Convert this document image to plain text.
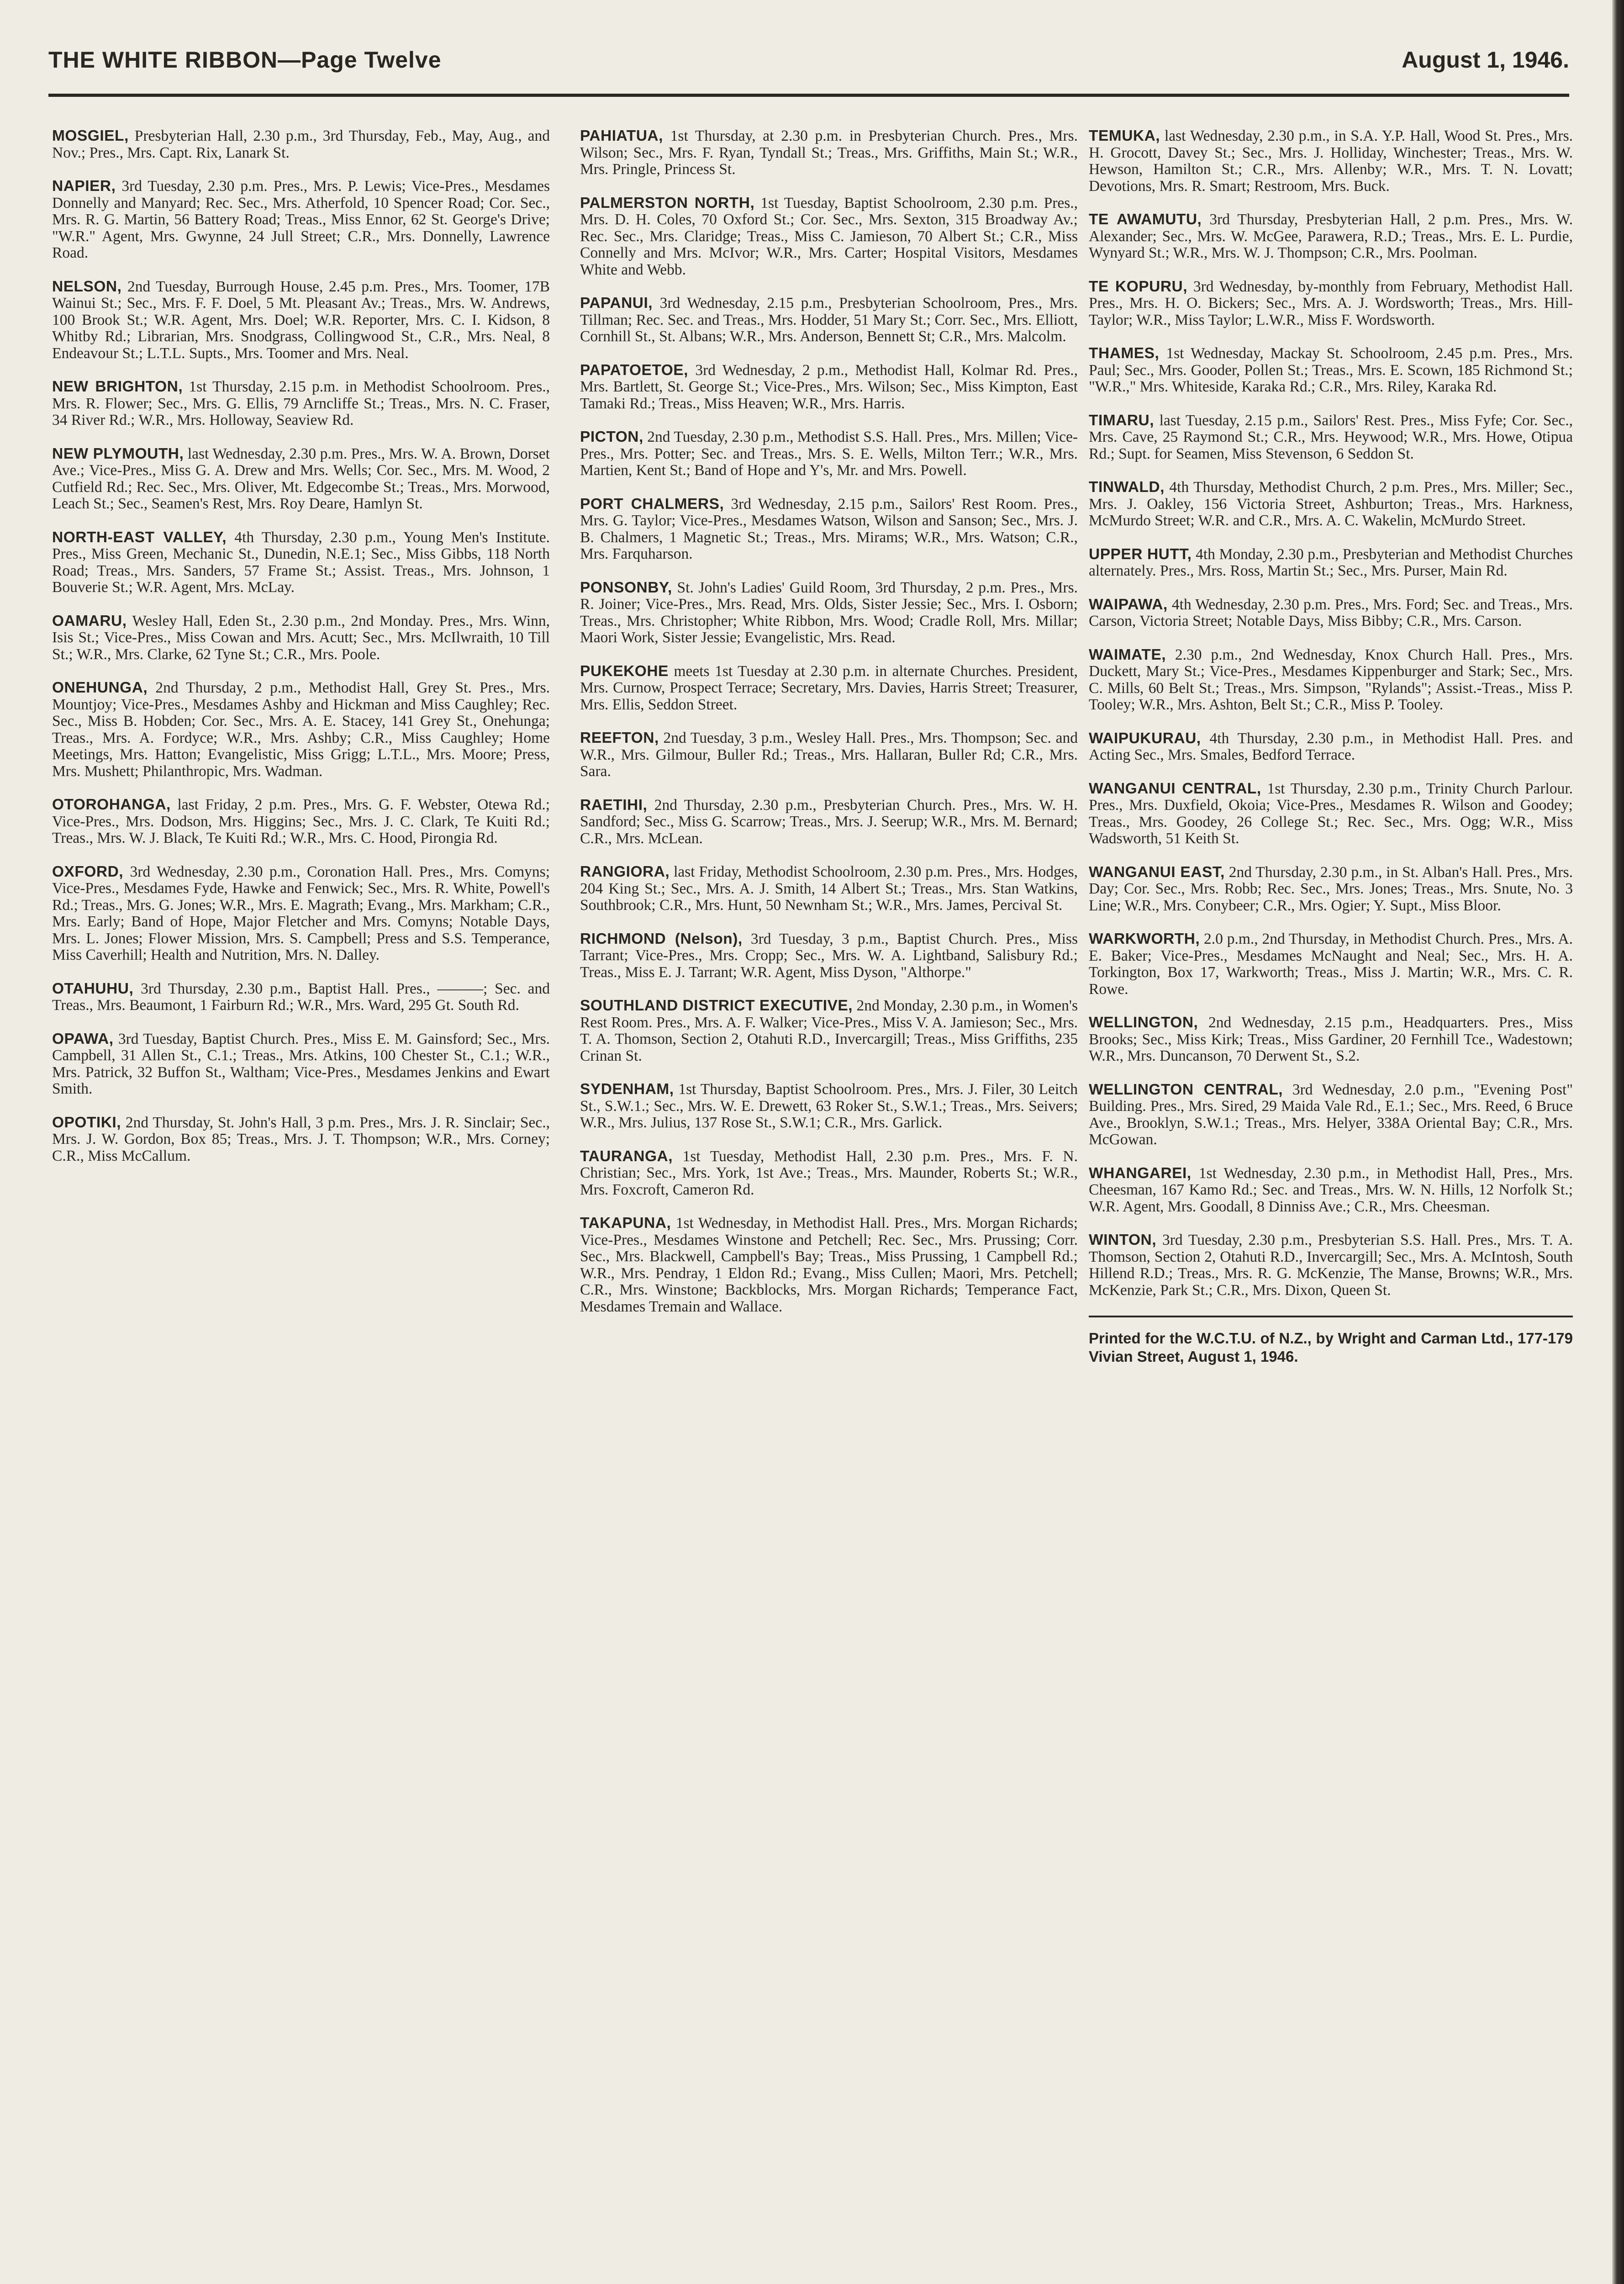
THE WHITE RIBBON—Page Twelve	August 1, 1946.

MOSGIEL, Presbyterian Hall, 2.30 p.m., 3rd Thursday, Feb., May, Aug., and Nov.; Pres., Mrs. Capt. Rix, Lanark St.

NAPIER, 3rd Tuesday, 2.30 p.m. Pres., Mrs. P. Lewis; Vice-Pres., Mesdames Donnelly and Manyard; Rec. Sec., Mrs. Atherfold, 10 Spencer Road; Cor. Sec., Mrs. R. G. Martin, 56 Battery Road; Treas., Miss Ennor, 62 St. George's Drive; "W.R." Agent, Mrs. Gwynne, 24 Jull Street; C.R., Mrs. Donnelly, Lawrence Road.

NELSON, 2nd Tuesday, Burrough House, 2.45 p.m. Pres., Mrs. Toomer, 17B Wainui St.; Sec., Mrs. F. F. Doel, 5 Mt. Pleasant Av.; Treas., Mrs. W. Andrews, 100 Brook St.; W.R. Agent, Mrs. Doel; W.R. Reporter, Mrs. C. I. Kidson, 8 Whitby Rd.; Librarian, Mrs. Snodgrass, Collingwood St., C.R., Mrs. Neal, 8 Endeavour St.; L.T.L. Supts., Mrs. Toomer and Mrs. Neal.

NEW BRIGHTON, 1st Thursday, 2.15 p.m. in Methodist Schoolroom. Pres., Mrs. R. Flower; Sec., Mrs. G. Ellis, 79 Arncliffe St.; Treas., Mrs. N. C. Fraser, 34 River Rd.; W.R., Mrs. Holloway, Seaview Rd.

NEW PLYMOUTH, last Wednesday, 2.30 p.m. Pres., Mrs. W. A. Brown, Dorset Ave.; Vice-Pres., Miss G. A. Drew and Mrs. Wells; Cor. Sec., Mrs. M. Wood, 2 Cutfield Rd.; Rec. Sec., Mrs. Oliver, Mt. Edgecombe St.; Treas., Mrs. Morwood, Leach St.; Sec., Seamen's Rest, Mrs. Roy Deare, Hamlyn St.

NORTH-EAST VALLEY, 4th Thursday, 2.30 p.m., Young Men's Institute. Pres., Miss Green, Mechanic St., Dunedin, N.E.1; Sec., Miss Gibbs, 118 North Road; Treas., Mrs. Sanders, 57 Frame St.; Assist. Treas., Mrs. Johnson, 1 Bouverie St.; W.R. Agent, Mrs. McLay.

OAMARU, Wesley Hall, Eden St., 2.30 p.m., 2nd Monday. Pres., Mrs. Winn, Isis St.; Vice-Pres., Miss Cowan and Mrs. Acutt; Sec., Mrs. McIlwraith, 10 Till St.; W.R., Mrs. Clarke, 62 Tyne St.; C.R., Mrs. Poole.

ONEHUNGA, 2nd Thursday, 2 p.m., Methodist Hall, Grey St. Pres., Mrs. Mountjoy; Vice-Pres., Mesdames Ashby and Hickman and Miss Caughley; Rec. Sec., Miss B. Hobden; Cor. Sec., Mrs. A. E. Stacey, 141 Grey St., Onehunga; Treas., Mrs. A. Fordyce; W.R., Mrs. Ashby; C.R., Miss Caughley; Home Meetings, Mrs. Hatton; Evangelistic, Miss Grigg; L.T.L., Mrs. Moore; Press, Mrs. Mushett; Philanthropic, Mrs. Wadman.

OTOROHANGA, last Friday, 2 p.m. Pres., Mrs. G. F. Webster, Otewa Rd.; Vice-Pres., Mrs. Dodson, Mrs. Higgins; Sec., Mrs. J. C. Clark, Te Kuiti Rd.; Treas., Mrs. W. J. Black, Te Kuiti Rd.; W.R., Mrs. C. Hood, Pirongia Rd.

OXFORD, 3rd Wednesday, 2.30 p.m., Coronation Hall. Pres., Mrs. Comyns; Vice-Pres., Mesdames Fyde, Hawke and Fenwick; Sec., Mrs. R. White, Powell's Rd.; Treas., Mrs. G. Jones; W.R., Mrs. E. Magrath; Evang., Mrs. Markham; C.R., Mrs. Early; Band of Hope, Major Fletcher and Mrs. Comyns; Notable Days, Mrs. L. Jones; Flower Mission, Mrs. S. Campbell; Press and S.S. Temperance, Miss Caverhill; Health and Nutrition, Mrs. N. Dalley.

OTAHUHU, 3rd Thursday, 2.30 p.m., Baptist Hall. Pres., ———; Sec. and Treas., Mrs. Beaumont, 1 Fairburn Rd.; W.R., Mrs. Ward, 295 Gt. South Rd.

OPAWA, 3rd Tuesday, Baptist Church. Pres., Miss E. M. Gainsford; Sec., Mrs. Campbell, 31 Allen St., C.1.; Treas., Mrs. Atkins, 100 Chester St., C.1.; W.R., Mrs. Patrick, 32 Buffon St., Waltham; Vice-Pres., Mesdames Jenkins and Ewart Smith.

OPOTIKI, 2nd Thursday, St. John's Hall, 3 p.m. Pres., Mrs. J. R. Sinclair; Sec., Mrs. J. W. Gordon, Box 85; Treas., Mrs. J. T. Thompson; W.R., Mrs. Corney; C.R., Miss McCallum.

PAHIATUA, 1st Thursday, at 2.30 p.m. in Presbyterian Church. Pres., Mrs. Wilson; Sec., Mrs. F. Ryan, Tyndall St.; Treas., Mrs. Griffiths, Main St.; W.R., Mrs. Pringle, Princess St.

PALMERSTON NORTH, 1st Tuesday, Baptist Schoolroom, 2.30 p.m. Pres., Mrs. D. H. Coles, 70 Oxford St.; Cor. Sec., Mrs. Sexton, 315 Broadway Av.; Rec. Sec., Mrs. Claridge; Treas., Miss C. Jamieson, 70 Albert St.; C.R., Miss Connelly and Mrs. McIvor; W.R., Mrs. Carter; Hospital Visitors, Mesdames White and Webb.

PAPANUI, 3rd Wednesday, 2.15 p.m., Presbyterian Schoolroom, Pres., Mrs. Tillman; Rec. Sec. and Treas., Mrs. Hodder, 51 Mary St.; Corr. Sec., Mrs. Elliott, Cornhill St., St. Albans; W.R., Mrs. Anderson, Bennett St; C.R., Mrs. Malcolm.

PAPATOETOE, 3rd Wednesday, 2 p.m., Methodist Hall, Kolmar Rd. Pres., Mrs. Bartlett, St. George St.; Vice-Pres., Mrs. Wilson; Sec., Miss Kimpton, East Tamaki Rd.; Treas., Miss Heaven; W.R., Mrs. Harris.

PICTON, 2nd Tuesday, 2.30 p.m., Methodist S.S. Hall. Pres., Mrs. Millen; Vice-Pres., Mrs. Potter; Sec. and Treas., Mrs. S. E. Wells, Milton Terr.; W.R., Mrs. Martien, Kent St.; Band of Hope and Y's, Mr. and Mrs. Powell.

PORT CHALMERS, 3rd Wednesday, 2.15 p.m., Sailors' Rest Room. Pres., Mrs. G. Taylor; Vice-Pres., Mesdames Watson, Wilson and Sanson; Sec., Mrs. J. B. Chalmers, 1 Magnetic St.; Treas., Mrs. Mirams; W.R., Mrs. Watson; C.R., Mrs. Farquharson.

PONSONBY, St. John's Ladies' Guild Room, 3rd Thursday, 2 p.m. Pres., Mrs. R. Joiner; Vice-Pres., Mrs. Read, Mrs. Olds, Sister Jessie; Sec., Mrs. I. Osborn; Treas., Mrs. Christopher; White Ribbon, Mrs. Wood; Cradle Roll, Mrs. Millar; Maori Work, Sister Jessie; Evangelistic, Mrs. Read.

PUKEKOHE meets 1st Tuesday at 2.30 p.m. in alternate Churches. President, Mrs. Curnow, Prospect Terrace; Secretary, Mrs. Davies, Harris Street; Treasurer, Mrs. Ellis, Seddon Street.

REEFTON, 2nd Tuesday, 3 p.m., Wesley Hall. Pres., Mrs. Thompson; Sec. and W.R., Mrs. Gilmour, Buller Rd.; Treas., Mrs. Hallaran, Buller Rd; C.R., Mrs. Sara.

RAETIHI, 2nd Thursday, 2.30 p.m., Presbyterian Church. Pres., Mrs. W. H. Sandford; Sec., Miss G. Scarrow; Treas., Mrs. J. Seerup; W.R., Mrs. M. Bernard; C.R., Mrs. McLean.

RANGIORA, last Friday, Methodist Schoolroom, 2.30 p.m. Pres., Mrs. Hodges, 204 King St.; Sec., Mrs. A. J. Smith, 14 Albert St.; Treas., Mrs. Stan Watkins, Southbrook; C.R., Mrs. Hunt, 50 Newnham St.; W.R., Mrs. James, Percival St.

RICHMOND (Nelson), 3rd Tuesday, 3 p.m., Baptist Church. Pres., Miss Tarrant; Vice-Pres., Mrs. Cropp; Sec., Mrs. W. A. Lightband, Salisbury Rd.; Treas., Miss E. J. Tarrant; W.R. Agent, Miss Dyson, "Althorpe."

SOUTHLAND DISTRICT EXECUTIVE, 2nd Monday, 2.30 p.m., in Women's Rest Room. Pres., Mrs. A. F. Walker; Vice-Pres., Miss V. A. Jamieson; Sec., Mrs. T. A. Thomson, Section 2, Otahuti R.D., Invercargill; Treas., Miss Griffiths, 235 Crinan St.

SYDENHAM, 1st Thursday, Baptist Schoolroom. Pres., Mrs. J. Filer, 30 Leitch St., S.W.1.; Sec., Mrs. W. E. Drewett, 63 Roker St., S.W.1.; Treas., Mrs. Seivers; W.R., Mrs. Julius, 137 Rose St., S.W.1; C.R., Mrs. Garlick.

TAURANGA, 1st Tuesday, Methodist Hall, 2.30 p.m. Pres., Mrs. F. N. Christian; Sec., Mrs. York, 1st Ave.; Treas., Mrs. Maunder, Roberts St.; W.R., Mrs. Foxcroft, Cameron Rd.

TAKAPUNA, 1st Wednesday, in Methodist Hall. Pres., Mrs. Morgan Richards; Vice-Pres., Mesdames Winstone and Petchell; Rec. Sec., Mrs. Prussing; Corr. Sec., Mrs. Blackwell, Campbell's Bay; Treas., Miss Prussing, 1 Campbell Rd.; W.R., Mrs. Pendray, 1 Eldon Rd.; Evang., Miss Cullen; Maori, Mrs. Petchell; C.R., Mrs. Winstone; Backblocks, Mrs. Morgan Richards; Temperance Fact, Mesdames Tremain and Wallace.

TEMUKA, last Wednesday, 2.30 p.m., in S.A. Y.P. Hall, Wood St. Pres., Mrs. H. Grocott, Davey St.; Sec., Mrs. J. Holliday, Winchester; Treas., Mrs. W. Hewson, Hamilton St.; C.R., Mrs. Allenby; W.R., Mrs. T. N. Lovatt; Devotions, Mrs. R. Smart; Restroom, Mrs. Buck.

TE AWAMUTU, 3rd Thursday, Presbyterian Hall, 2 p.m. Pres., Mrs. W. Alexander; Sec., Mrs. W. McGee, Parawera, R.D.; Treas., Mrs. E. L. Purdie, Wynyard St.; W.R., Mrs. W. J. Thompson; C.R., Mrs. Poolman.

TE KOPURU, 3rd Wednesday, by-monthly from February, Methodist Hall. Pres., Mrs. H. O. Bickers; Sec., Mrs. A. J. Wordsworth; Treas., Mrs. Hill-Taylor; W.R., Miss Taylor; L.W.R., Miss F. Wordsworth.

THAMES, 1st Wednesday, Mackay St. Schoolroom, 2.45 p.m. Pres., Mrs. Paul; Sec., Mrs. Gooder, Pollen St.; Treas., Mrs. E. Scown, 185 Richmond St.; "W.R.," Mrs. Whiteside, Karaka Rd.; C.R., Mrs. Riley, Karaka Rd.

TIMARU, last Tuesday, 2.15 p.m., Sailors' Rest. Pres., Miss Fyfe; Cor. Sec., Mrs. Cave, 25 Raymond St.; C.R., Mrs. Heywood; W.R., Mrs. Howe, Otipua Rd.; Supt. for Seamen, Miss Stevenson, 6 Seddon St.

TINWALD, 4th Thursday, Methodist Church, 2 p.m. Pres., Mrs. Miller; Sec., Mrs. J. Oakley, 156 Victoria Street, Ashburton; Treas., Mrs. Harkness, McMurdo Street; W.R. and C.R., Mrs. A. C. Wakelin, McMurdo Street.

UPPER HUTT, 4th Monday, 2.30 p.m., Presbyterian and Methodist Churches alternately. Pres., Mrs. Ross, Martin St.; Sec., Mrs. Purser, Main Rd.

WAIPAWA, 4th Wednesday, 2.30 p.m. Pres., Mrs. Ford; Sec. and Treas., Mrs. Carson, Victoria Street; Notable Days, Miss Bibby; C.R., Mrs. Carson.

WAIMATE, 2.30 p.m., 2nd Wednesday, Knox Church Hall. Pres., Mrs. Duckett, Mary St.; Vice-Pres., Mesdames Kippenburger and Stark; Sec., Mrs. C. Mills, 60 Belt St.; Treas., Mrs. Simpson, "Rylands"; Assist.-Treas., Miss P. Tooley; W.R., Mrs. Ashton, Belt St.; C.R., Miss P. Tooley.

WAIPUKURAU, 4th Thursday, 2.30 p.m., in Methodist Hall. Pres. and Acting Sec., Mrs. Smales, Bedford Terrace.

WANGANUI CENTRAL, 1st Thursday, 2.30 p.m., Trinity Church Parlour. Pres., Mrs. Duxfield, Okoia; Vice-Pres., Mesdames R. Wilson and Goodey; Treas., Mrs. Goodey, 26 College St.; Rec. Sec., Mrs. Ogg; W.R., Miss Wadsworth, 51 Keith St.

WANGANUI EAST, 2nd Thursday, 2.30 p.m., in St. Alban's Hall. Pres., Mrs. Day; Cor. Sec., Mrs. Robb; Rec. Sec., Mrs. Jones; Treas., Mrs. Snute, No. 3 Line; W.R., Mrs. Conybeer; C.R., Mrs. Ogier; Y. Supt., Miss Bloor.

WARKWORTH, 2.0 p.m., 2nd Thursday, in Methodist Church. Pres., Mrs. A. E. Baker; Vice-Pres., Mesdames McNaught and Neal; Sec., Mrs. H. A. Torkington, Box 17, Warkworth; Treas., Miss J. Martin; W.R., Mrs. C. R. Rowe.

WELLINGTON, 2nd Wednesday, 2.15 p.m., Headquarters. Pres., Miss Brooks; Sec., Miss Kirk; Treas., Miss Gardiner, 20 Fernhill Tce., Wadestown; W.R., Mrs. Duncanson, 70 Derwent St., S.2.

WELLINGTON CENTRAL, 3rd Wednesday, 2.0 p.m., "Evening Post" Building. Pres., Mrs. Sired, 29 Maida Vale Rd., E.1.; Sec., Mrs. Reed, 6 Bruce Ave., Brooklyn, S.W.1.; Treas., Mrs. Helyer, 338A Oriental Bay; C.R., Mrs. McGowan.

WHANGAREI, 1st Wednesday, 2.30 p.m., in Methodist Hall, Pres., Mrs. Cheesman, 167 Kamo Rd.; Sec. and Treas., Mrs. W. N. Hills, 12 Norfolk St.; W.R. Agent, Mrs. Goodall, 8 Dinniss Ave.; C.R., Mrs. Cheesman.

WINTON, 3rd Tuesday, 2.30 p.m., Presbyterian S.S. Hall. Pres., Mrs. T. A. Thomson, Section 2, Otahuti R.D., Invercargill; Sec., Mrs. A. McIntosh, South Hillend R.D.; Treas., Mrs. R. G. McKenzie, The Manse, Browns; W.R., Mrs. McKenzie, Park St.; C.R., Mrs. Dixon, Queen St.

Printed for the W.C.T.U. of N.Z., by Wright and Carman Ltd., 177-179 Vivian Street, August 1, 1946.
